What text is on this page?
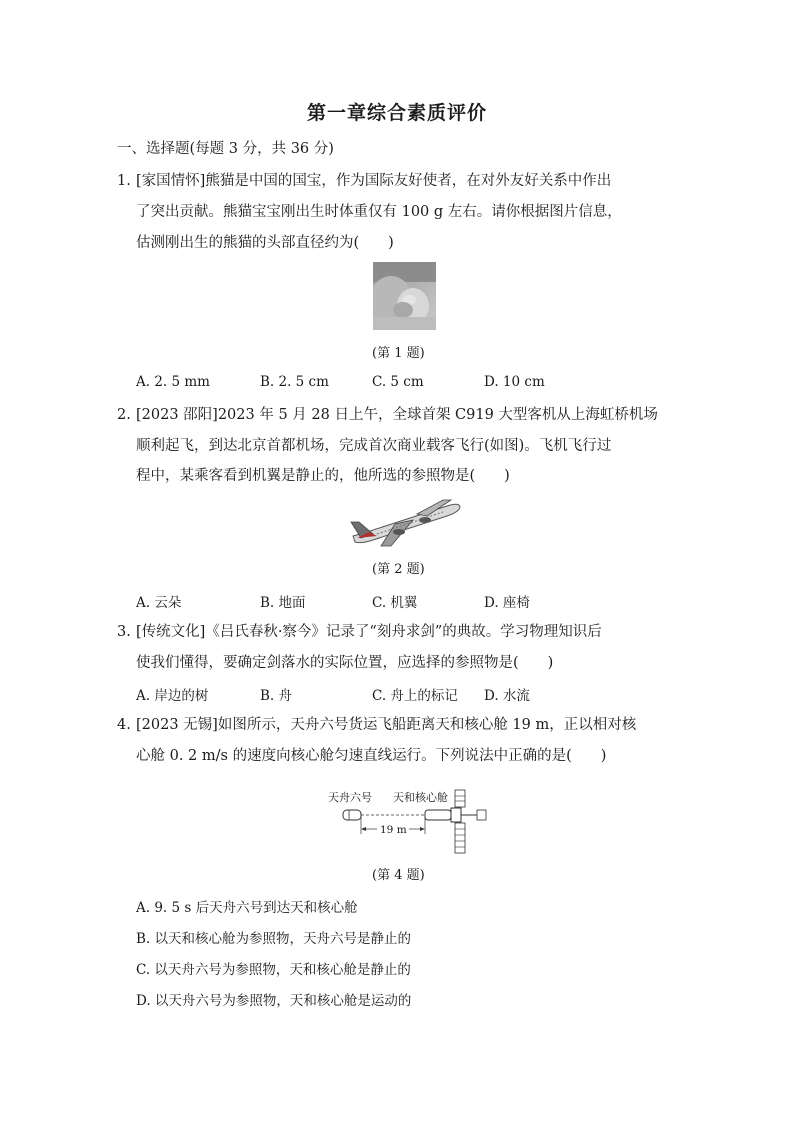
第一章综合素质评价
一、选择题(每题 3 分，共 36 分)
1. [家国情怀]熊猫是中国的国宝，作为国际友好使者，在对外友好关系中作出
了突出贡献。熊猫宝宝刚出生时体重仅有 100 g 左右。请你根据图片信息，
估测刚出生的熊猫的头部直径约为(　　)
(第 1 题)
A. 2. 5 mm	B. 2. 5 cm	C. 5 cm	D. 10 cm
2. [2023 邵阳]2023 年 5 月 28 日上午，全球首架 C919 大型客机从上海虹桥机场
顺利起飞，到达北京首都机场，完成首次商业载客飞行(如图)。飞机飞行过
程中，某乘客看到机翼是静止的，他所选的参照物是(　　)
(第 2 题)
A. 云朵	B. 地面	C. 机翼	D. 座椅
3. [传统文化]《吕氏春秋·察今》记录了“刻舟求剑”的典故。学习物理知识后
使我们懂得，要确定剑落水的实际位置，应选择的参照物是(　　)
A. 岸边的树	B. 舟	C. 舟上的标记 D. 水流
4. [2023 无锡]如图所示，天舟六号货运飞船距离天和核心舱 19 m，正以相对核
心舱 0. 2 m/s 的速度向核心舱匀速直线运行。下列说法中正确的是(　　)
天舟六号 天和核心舱
19 m
(第 4 题)
A. 9. 5 s 后天舟六号到达天和核心舱
B. 以天和核心舱为参照物，天舟六号是静止的
C. 以天舟六号为参照物，天和核心舱是静止的
D. 以天舟六号为参照物，天和核心舱是运动的
